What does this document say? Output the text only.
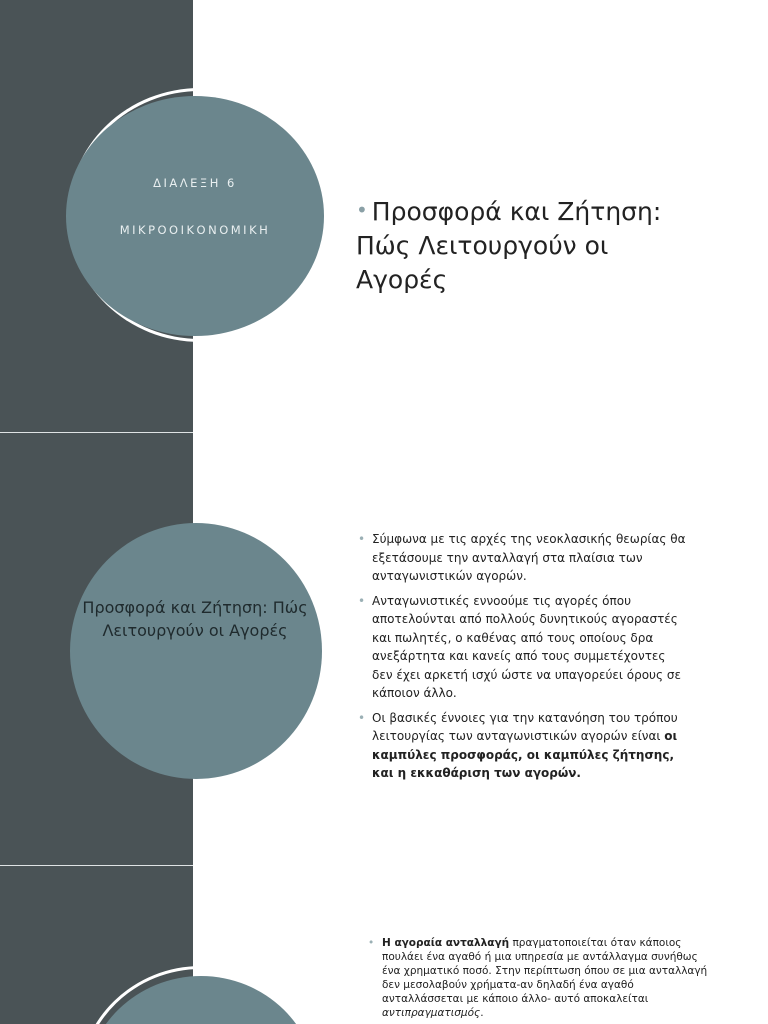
ΔΙΑΛΕΞΗ 6
ΜΙΚΡΟΟΙΚΟΝΟΜΙΚΗ
• Προσφορά και Ζήτηση: Πώς Λειτουργούν οι Αγορές
Προσφορά και Ζήτηση: Πώς Λειτουργούν οι Αγορές
• Σύμφωνα με τις αρχές της νεοκλασικής θεωρίας θα εξετάσουμε την ανταλλαγή στα πλαίσια των ανταγωνιστικών αγορών.
• Ανταγωνιστικές εννοούμε τις αγορές όπου αποτελούνται από πολλούς δυνητικούς αγοραστές και πωλητές, ο καθένας από τους οποίους δρα ανεξάρτητα και κανείς από τους συμμετέχοντες δεν έχει αρκετή ισχύ ώστε να υπαγορεύει όρους σε κάποιον άλλο.
• Οι βασικές έννοιες για την κατανόηση του τρόπου λειτουργίας των ανταγωνιστικών αγορών είναι οι καμπύλες προσφοράς, οι καμπύλες ζήτησης, και η εκκαθάριση των αγορών.
• Η αγοραία ανταλλαγή πραγματοποιείται όταν κάποιος πουλάει ένα αγαθό ή μια υπηρεσία με αντάλλαγμα συνήθως ένα χρηματικό ποσό. Στην περίπτωση όπου σε μια ανταλλαγή δεν μεσολαβούν χρήματα-αν δηλαδή ένα αγαθό ανταλλάσσεται με κάποιο άλλο- αυτό αποκαλείται αντιπραγματισμός.
